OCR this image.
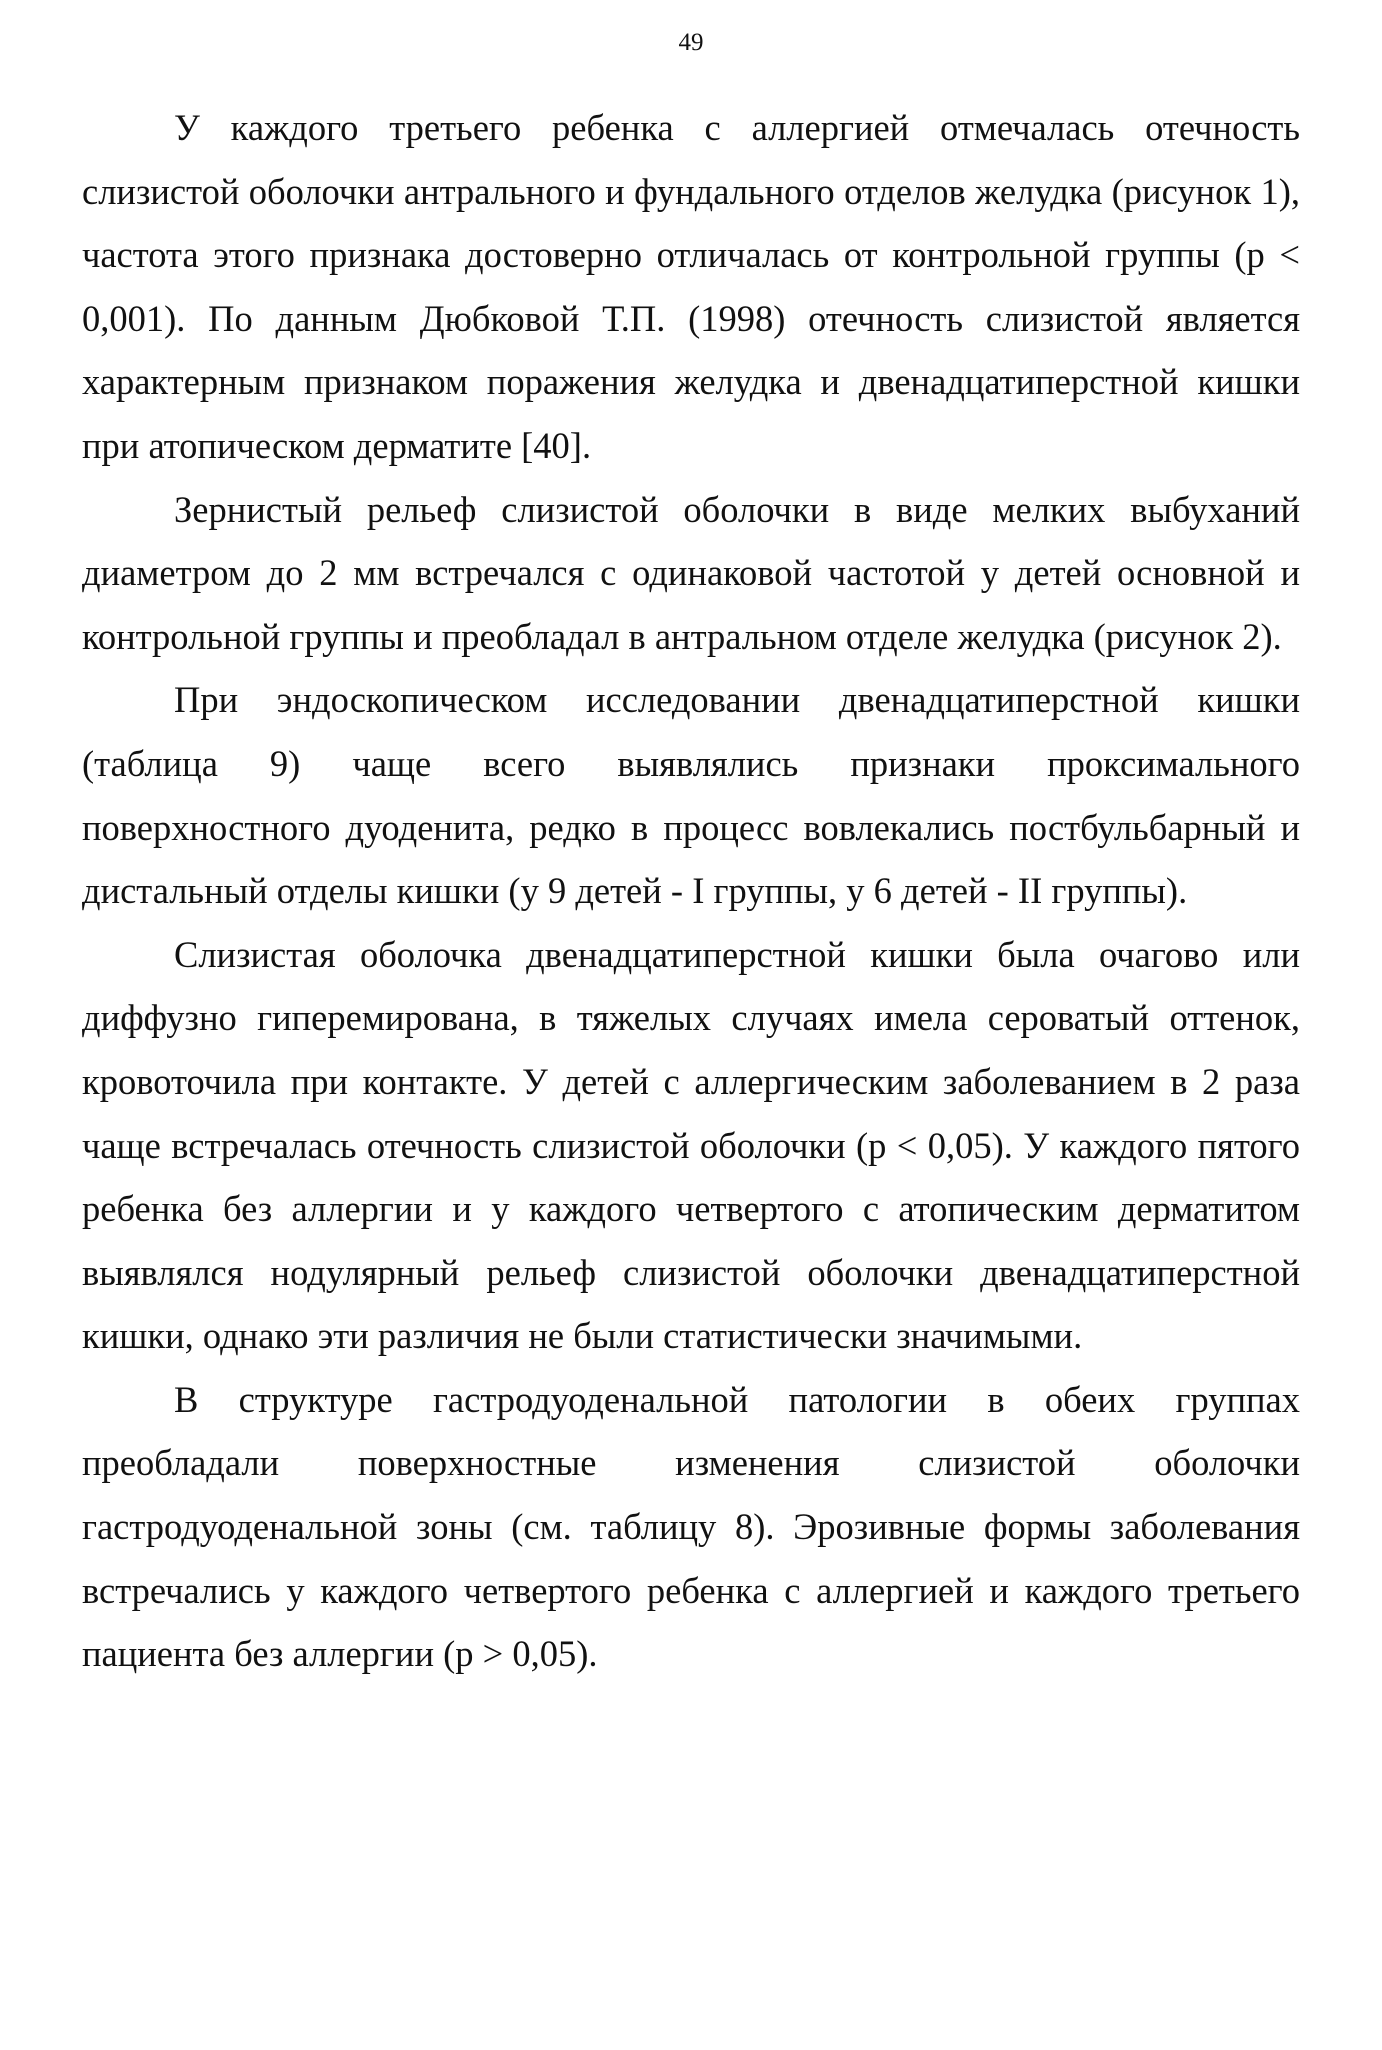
49

У каждого третьего ребенка с аллергией отмечалась отечность слизистой оболочки антрального и фундального отделов желудка (рисунок 1), частота этого признака достоверно отличалась от контрольной группы (р < 0,001). По данным Дюбковой Т.П. (1998) отечность слизистой является характерным признаком поражения желудка и двенадцатиперстной кишки при атопическом дерматите [40].

Зернистый рельеф слизистой оболочки в виде мелких выбуханий диаметром до 2 мм встречался с одинаковой частотой у детей основной и контрольной группы и преобладал в антральном отделе желудка (рисунок 2).

При эндоскопическом исследовании двенадцатиперстной кишки (таблица 9) чаще всего выявлялись признаки проксимального поверхностного дуоденита, редко в процесс вовлекались постбульбарный и дистальный отделы кишки (у 9 детей - I группы, у 6 детей - II группы).

Слизистая оболочка двенадцатиперстной кишки была очагово или диффузно гиперемирована, в тяжелых случаях имела сероватый оттенок, кровоточила при контакте. У детей с аллергическим заболеванием в 2 раза чаще встречалась отечность слизистой оболочки (р < 0,05). У каждого пятого ребенка без аллергии и у каждого четвертого с атопическим дерматитом выявлялся нодулярный рельеф слизистой оболочки двенадцатиперстной кишки, однако эти различия не были статистически значимыми.

В структуре гастродуоденальной патологии в обеих группах преобладали поверхностные изменения слизистой оболочки гастродуоденальной зоны (см. таблицу 8). Эрозивные формы заболевания встречались у каждого четвертого ребенка с аллергией и каждого третьего пациента без аллергии (р > 0,05).
